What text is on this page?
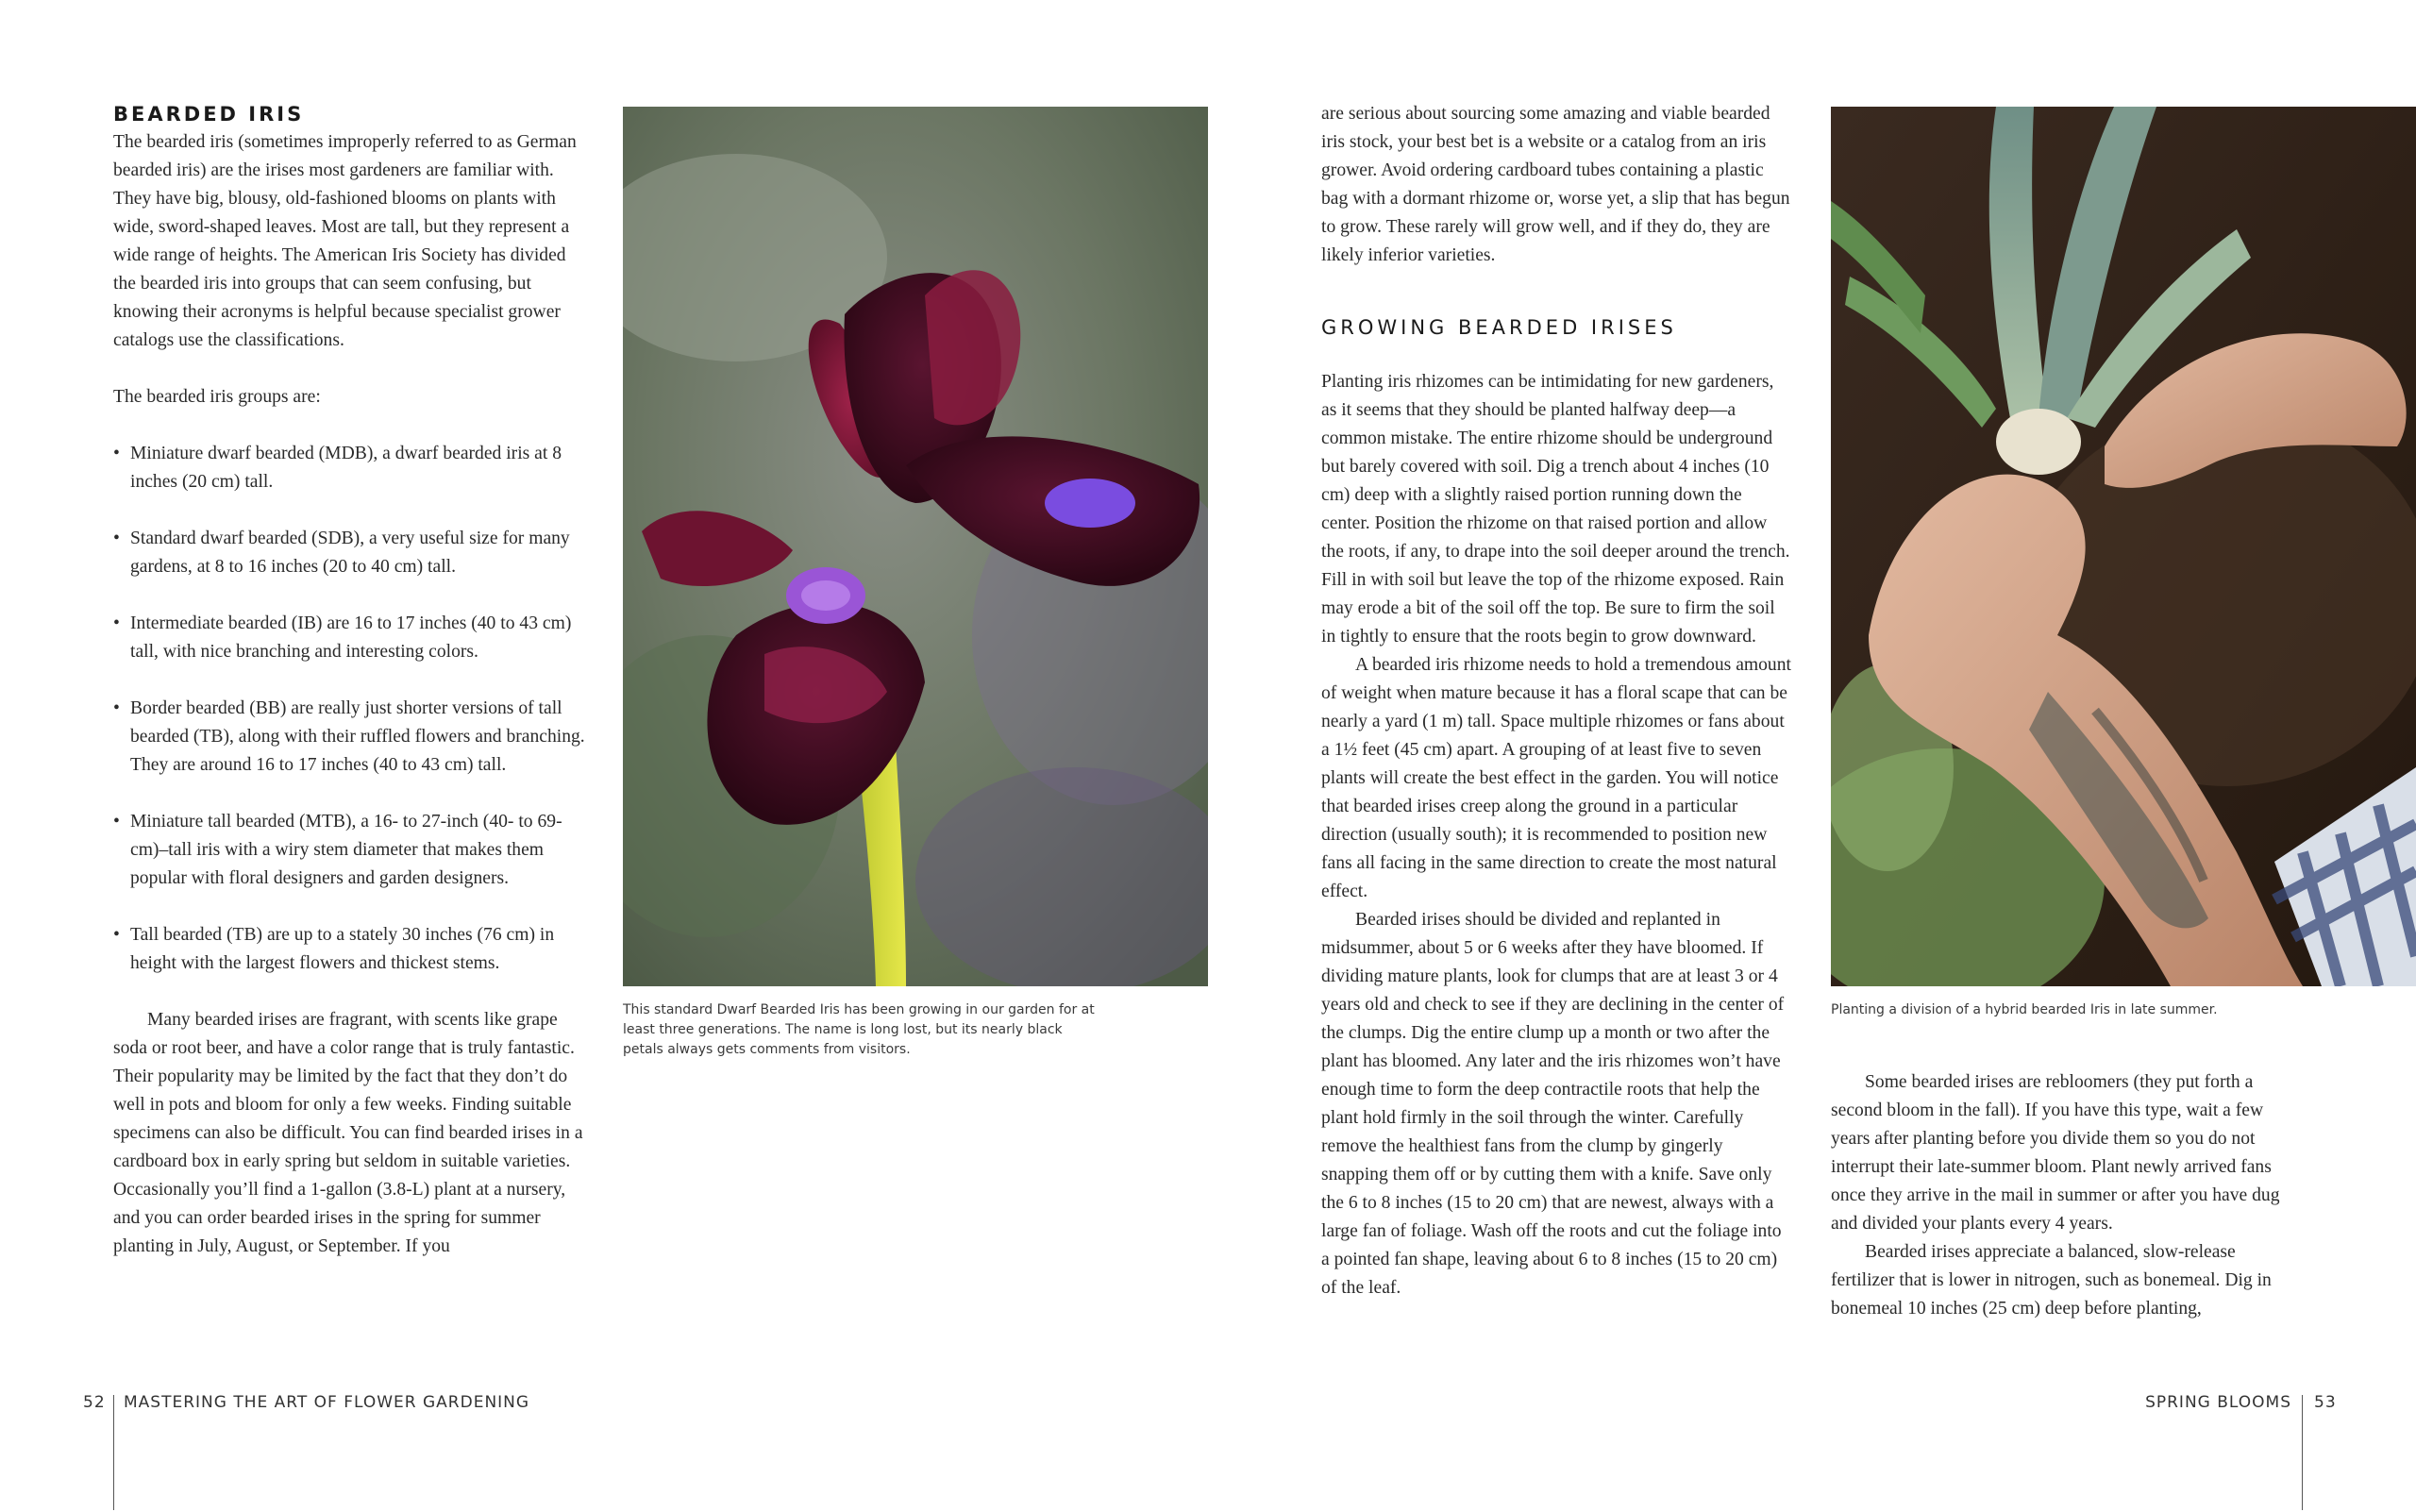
BEARDED IRIS

The bearded iris (sometimes improperly referred to as German bearded iris) are the irises most gardeners are familiar with. They have big, blousy, old-fashioned blooms on plants with wide, sword-shaped leaves. Most are tall, but they represent a wide range of heights. The American Iris Society has divided the bearded iris into groups that can seem confusing, but knowing their acronyms is helpful because specialist grower catalogs use the classifications.

The bearded iris groups are:

• Miniature dwarf bearded (MDB), a dwarf bearded iris at 8 inches (20 cm) tall.
• Standard dwarf bearded (SDB), a very useful size for many gardens, at 8 to 16 inches (20 to 40 cm) tall.
• Intermediate bearded (IB) are 16 to 17 inches (40 to 43 cm) tall, with nice branching and interesting colors.
• Border bearded (BB) are really just shorter versions of tall bearded (TB), along with their ruffled flowers and branching. They are around 16 to 17 inches (40 to 43 cm) tall.
• Miniature tall bearded (MTB), a 16- to 27-inch (40- to 69-cm)–tall iris with a wiry stem diameter that makes them popular with floral designers and garden designers.
• Tall bearded (TB) are up to a stately 30 inches (76 cm) in height with the largest flowers and thickest stems.

Many bearded irises are fragrant, with scents like grape soda or root beer, and have a color range that is truly fantastic. Their popularity may be limited by the fact that they don’t do well in pots and bloom for only a few weeks. Finding suitable specimens can also be difficult. You can find bearded irises in a cardboard box in early spring but seldom in suitable varieties. Occasionally you’ll find a 1-gallon (3.8-L) plant at a nursery, and you can order bearded irises in the spring for summer planting in July, August, or September. If you

This standard Dwarf Bearded Iris has been growing in our garden for at least three generations. The name is long lost, but its nearly black petals always gets comments from visitors.

are serious about sourcing some amazing and viable bearded iris stock, your best bet is a website or a catalog from an iris grower. Avoid ordering cardboard tubes containing a plastic bag with a dormant rhizome or, worse yet, a slip that has begun to grow. These rarely will grow well, and if they do, they are likely inferior varieties.

GROWING BEARDED IRISES

Planting iris rhizomes can be intimidating for new gardeners, as it seems that they should be planted halfway deep—a common mistake. The entire rhizome should be underground but barely covered with soil. Dig a trench about 4 inches (10 cm) deep with a slightly raised portion running down the center. Position the rhizome on that raised portion and allow the roots, if any, to drape into the soil deeper around the trench. Fill in with soil but leave the top of the rhizome exposed. Rain may erode a bit of the soil off the top. Be sure to firm the soil in tightly to ensure that the roots begin to grow downward.

A bearded iris rhizome needs to hold a tremendous amount of weight when mature because it has a floral scape that can be nearly a yard (1 m) tall. Space multiple rhizomes or fans about a 1½ feet (45 cm) apart. A grouping of at least five to seven plants will create the best effect in the garden. You will notice that bearded irises creep along the ground in a particular direction (usually south); it is recommended to position new fans all facing in the same direction to create the most natural effect.

Bearded irises should be divided and replanted in midsummer, about 5 or 6 weeks after they have bloomed. If dividing mature plants, look for clumps that are at least 3 or 4 years old and check to see if they are declining in the center of the clumps. Dig the entire clump up a month or two after the plant has bloomed. Any later and the iris rhizomes won’t have enough time to form the deep contractile roots that help the plant hold firmly in the soil through the winter. Carefully remove the healthiest fans from the clump by gingerly snapping them off or by cutting them with a knife. Save only the 6 to 8 inches (15 to 20 cm) that are newest, always with a large fan of foliage. Wash off the roots and cut the foliage into a pointed fan shape, leaving about 6 to 8 inches (15 to 20 cm) of the leaf.

Planting a division of a hybrid bearded Iris in late summer.

Some bearded irises are rebloomers (they put forth a second bloom in the fall). If you have this type, wait a few years after planting before you divide them so you do not interrupt their late-summer bloom. Plant newly arrived fans once they arrive in the mail in summer or after you have dug and divided your plants every 4 years.

Bearded irises appreciate a balanced, slow-release fertilizer that is lower in nitrogen, such as bonemeal. Dig in bonemeal 10 inches (25 cm) deep before planting,

52 MASTERING THE ART OF FLOWER GARDENING	SPRING BLOOMS 53
